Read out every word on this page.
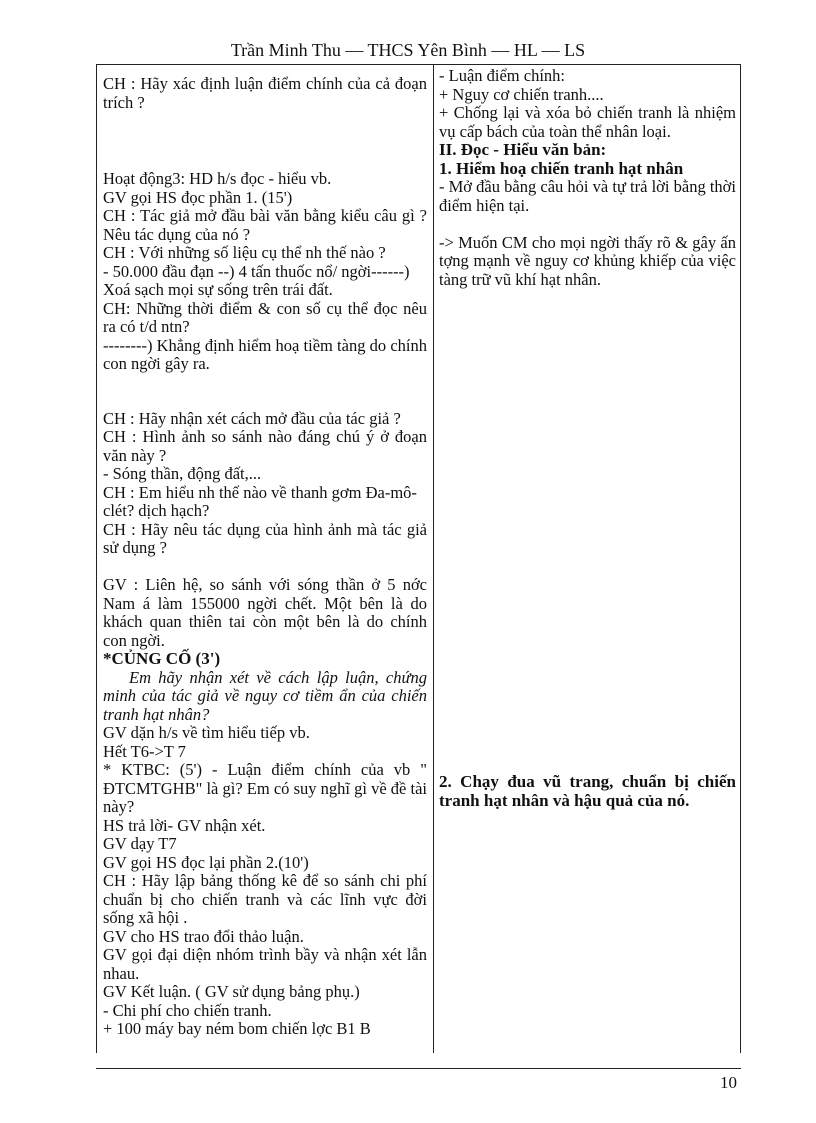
Trần Minh Thu — THCS Yên Bình — HL — LS

CH : Hãy xác định luận điểm chính của cả đoạn trích ?

Hoạt động3: HD h/s đọc - hiểu vb.

GV gọi HS đọc phần 1. (15')

CH : Tác giả mở đầu bài văn bằng kiểu câu gì ? Nêu tác dụng của nó ?

CH : Với những số liệu cụ thể nh thế nào ?

- 50.000 đầu đạn --) 4 tấn thuốc nổ/ ngời------) Xoá sạch mọi sự sống trên trái đất.

CH: Những thời điểm & con số cụ thể đọc nêu ra có t/d ntn?

--------) Khẳng định hiểm hoạ tiềm tàng do chính con ngời gây ra.

CH : Hãy nhận xét cách mở đầu của tác giả ?

CH : Hình ảnh so sánh nào đáng chú ý ở đoạn văn này ?

- Sóng thần, động đất,...

CH : Em hiểu nh thế nào về thanh gơm Đa-mô-clét? dịch hạch?

CH : Hãy nêu tác dụng của hình ảnh mà tác giả sử dụng ?

GV : Liên hệ, so sánh với sóng thần ở 5 nớc Nam á làm 155000 ngời chết. Một bên là do khách quan thiên tai còn một bên là do chính con ngời.

*CỦNG CỐ (3')

Em hãy nhận xét về cách lập luận, chứng minh của tác giả về nguy cơ tiềm ẩn của chiến tranh hạt nhân?

GV dặn h/s về tìm hiểu tiếp vb.

Hết T6->T 7

* KTBC: (5') - Luận điểm chính của vb " ĐTCMTGHB" là gì? Em có suy nghĩ gì về đề tài này?

HS trả lời- GV nhận xét.

GV dạy T7

GV gọi HS đọc lại phần 2.(10')

CH : Hãy lập bảng thống kê để so sánh chi phí chuẩn bị cho chiến tranh và các lĩnh vực đời sống xã hội .

GV cho HS trao đổi thảo luận.

GV gọi đại diện nhóm trình bầy và nhận xét lẫn nhau.

GV Kết luận. ( GV sử dụng bảng phụ.)

- Chi phí cho chiến tranh.

+ 100 máy bay ném bom chiến lợc B1 B

- Luận điểm chính:

+ Nguy cơ chiến tranh....

+ Chống lại và xóa bỏ chiến tranh là nhiệm vụ cấp bách của toàn thể nhân loại.

II. Đọc - Hiểu văn bản:

1. Hiểm hoạ chiến tranh hạt nhân

- Mở đầu bằng câu hỏi và tự trả lời bằng thời điểm hiện tại.

-> Muốn CM cho mọi ngời thấy rõ & gây ấn tợng mạnh về nguy cơ khủng khiếp của việc tàng trữ vũ khí hạt nhân.

2. Chạy đua vũ trang, chuẩn bị chiến tranh hạt nhân và hậu quả của nó.

10
